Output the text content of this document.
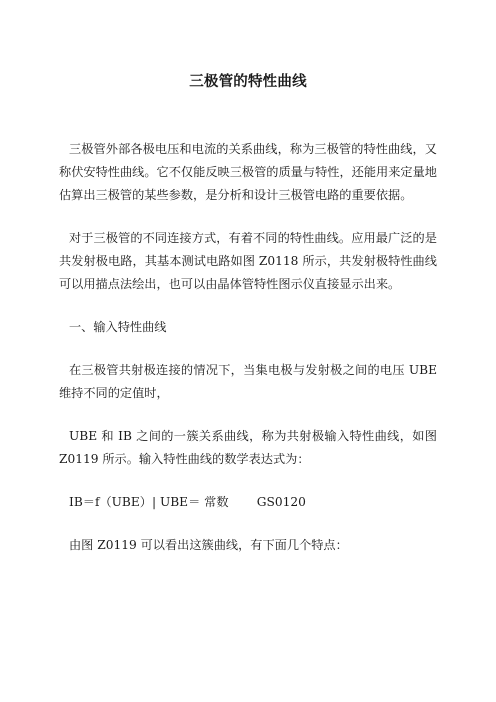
三极管的特性曲线

三极管外部各极电压和电流的关系曲线，称为三极管的特性曲线，又称伏安特性曲线。它不仅能反映三极管的质量与特性，还能用来定量地估算出三极管的某些参数，是分析和设计三极管电路的重要依据。

对于三极管的不同连接方式，有着不同的特性曲线。应用最广泛的是共发射极电路，其基本测试电路如图 Z0118 所示，共发射极特性曲线可以用描点法绘出，也可以由晶体管特性图示仪直接显示出来。

一、输入特性曲线

在三极管共射极连接的情况下，当集电极与发射极之间的电压 UBE　 维持不同的定值时，

UBE 和 IB 之间的一簇关系曲线，称为共射极输入特性曲线，如图 Z0119 所示。输入特性曲线的数学表达式为：

IB＝f（UBE）| UBE＝ 常数　　 GS0120

由图 Z0119 可以看出这簇曲线，有下面几个特点：
